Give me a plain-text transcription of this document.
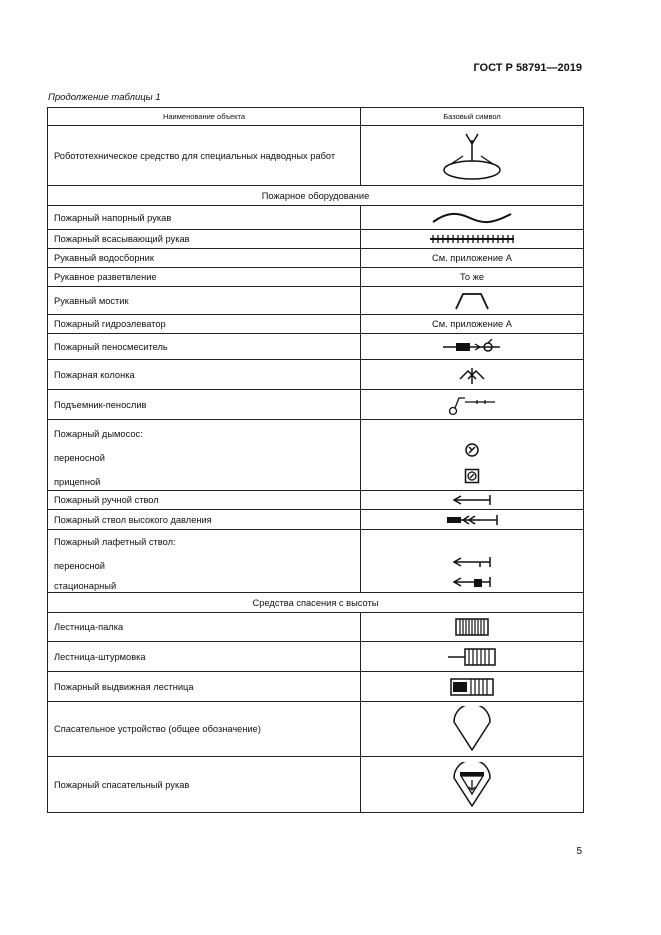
ГОСТ Р 58791—2019
Продолжение таблицы 1
Наименование объекта	Базовый символ
Робототехническое средство для специальных надводных работ	

Пожарное оборудование	
Пожарный напорный рукав	

Пожарный всасывающий рукав	

Рукавный водосборник	См. приложение А
Рукавное разветвление	То же
Рукавный мостик	

Пожарный гидроэлеватор	См. приложение А
Пожарный пеносмеситель	

Пожарная колонка	

Подъемник-пенослив	

Пожарный дымосос:
переносной
прицепной

Пожарный ручной ствол	

Пожарный ствол высокого давления	

Пожарный лафетный ствол:
переносной
стационарный

Средства спасения с высоты	
Лестница-палка	

Лестница-штурмовка	

Пожарный выдвижная лестница	

Спасательное устройство (общее обозначение)	

Пожарный спасательный рукав	
5
